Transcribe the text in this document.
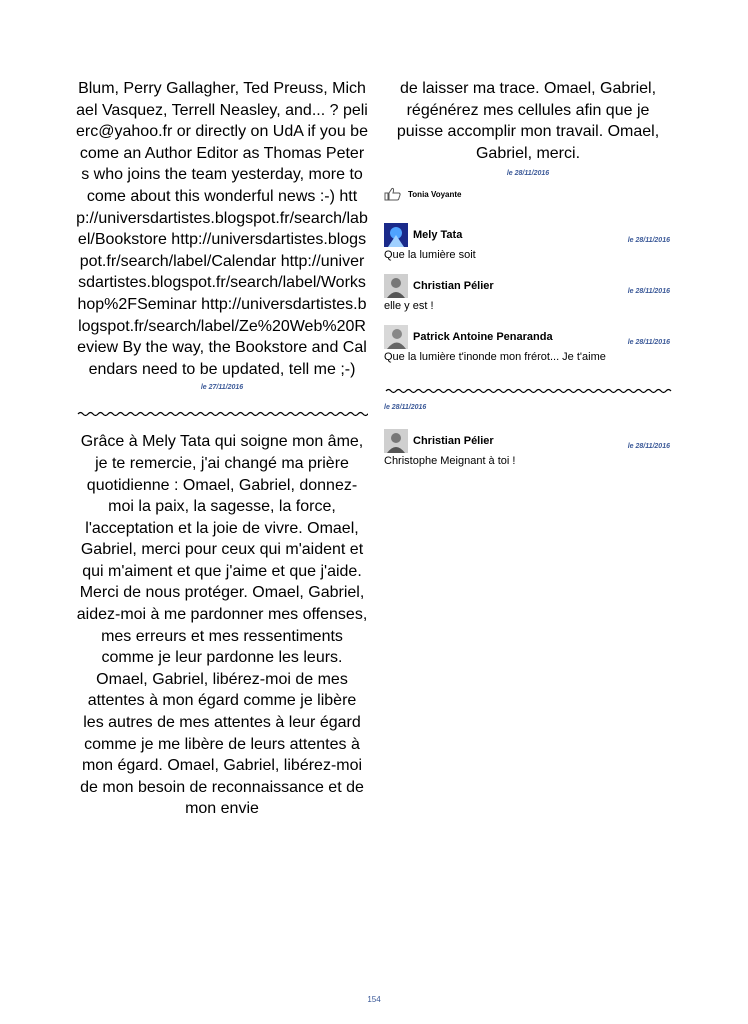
Blum, Perry Gallagher, Ted Preuss, Michael Vasquez, Terrell Neasley, and... ? pelierc@yahoo.fr or directly on UdA if you become an Author Editor as Thomas Peters who joins the team yesterday, more to come about this wonderful news :-) http://universdartistes.blogspot.fr/search/label/Bookstore http://universdartistes.blogspot.fr/search/label/Calendar http://universdartistes.blogspot.fr/search/label/Workshop%2FSeminar http://universdartistes.blogspot.fr/search/label/Ze%20Web%20Review By the way, the Bookstore and Calendars need to be updated, tell me ;-)

le 27/11/2016

Grâce à Mely Tata qui soigne mon âme, je te remercie, j'ai changé ma prière quotidienne : Omael, Gabriel, donnez-moi la paix, la sagesse, la force, l'acceptation et la joie de vivre. Omael, Gabriel, merci pour ceux qui m'aident et qui m'aiment et que j'aime et que j'aide. Merci de nous protéger. Omael, Gabriel, aidez-moi à me pardonner mes offenses, mes erreurs et mes ressentiments comme je leur pardonne les leurs. Omael, Gabriel, libérez-moi de mes attentes à mon égard comme je libère les autres de mes attentes à leur égard comme je me libère de leurs attentes à mon égard. Omael, Gabriel, libérez-moi de mon besoin de reconnaissance et de mon envie

de laisser ma trace. Omael, Gabriel, régénérez mes cellules afin que je puisse accomplir mon travail. Omael, Gabriel, merci.

le 28/11/2016

Tonia Voyante
Mely Tata	le 28/11/2016
Que la lumière soit
Christian Pélier	le 28/11/2016
elle y est !
Patrick Antoine Penaranda	le 28/11/2016
Que la lumière t'inonde mon frérot... Je t'aime

le 28/11/2016

Christian Pélier	le 28/11/2016
Christophe Meignant à toi !
154
